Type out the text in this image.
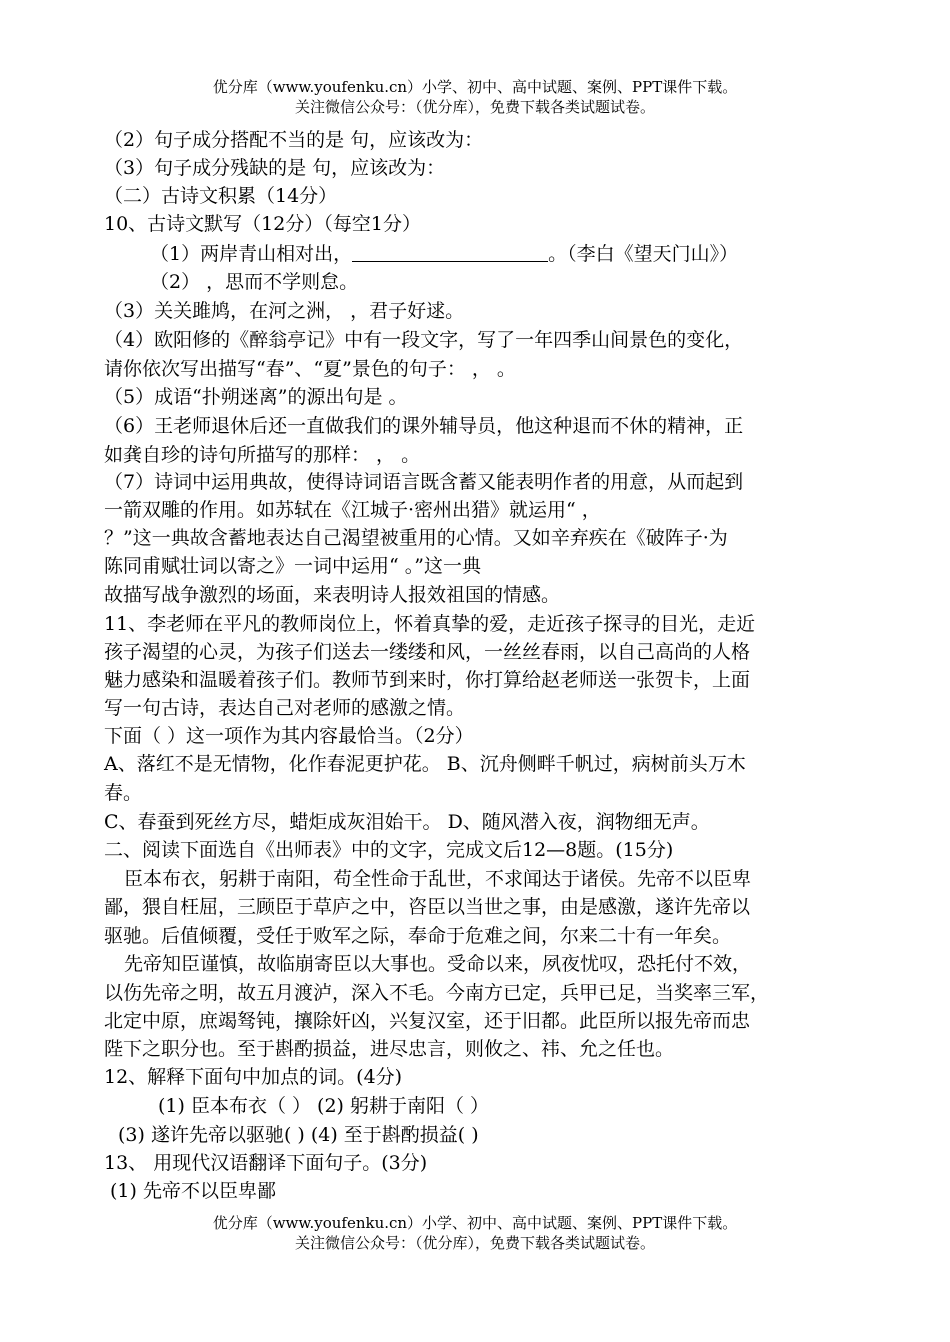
优分库（www.youfenku.cn）小学、初中、高中试题、案例、PPT课件下载。
关注微信公众号：（优分库），免费下载各类试题试卷。
（2）句子成分搭配不当的是 句，应该改为：
（3）句子成分残缺的是 句，应该改为：
（二）古诗文积累（14分）
10、古诗文默写（12分）（每空1分）
（1）两岸青山相对出，	。（李白《望天门山》）
（2） ，思而不学则怠。
（3）关关雎鸠，在河之洲， ，君子好逑。
（4）欧阳修的《醉翁亭记》中有一段文字，写了一年四季山间景色的变化，
请你依次写出描写“春”、“夏”景色的句子： ， 。
（5）成语“扑朔迷离”的源出句是 。
（6）王老师退休后还一直做我们的课外辅导员，他这种退而不休的精神，正
如龚自珍的诗句所描写的那样： ， 。
（7）诗词中运用典故，使得诗词语言既含蓄又能表明作者的用意，从而起到
一箭双雕的作用。如苏轼在《江城子·密州出猎》就运用“ ，
？”这一典故含蓄地表达自己渴望被重用的心情。又如辛弃疾在《破阵子·为
陈同甫赋壮词以寄之》一词中运用“ 。”这一典
故描写战争激烈的场面，来表明诗人报效祖国的情感。
11、李老师在平凡的教师岗位上，怀着真挚的爱，走近孩子探寻的目光，走近
孩子渴望的心灵，为孩子们送去一缕缕和风，一丝丝春雨，以自己高尚的人格
魅力感染和温暖着孩子们。教师节到来时，你打算给赵老师送一张贺卡，上面
写一句古诗，表达自己对老师的感激之情。
下面（ ）这一项作为其内容最恰当。（2分）
A、落红不是无情物，化作春泥更护花。 B、沉舟侧畔千帆过，病树前头万木
春。
C、春蚕到死丝方尽，蜡炬成灰泪始干。 D、随风潜入夜，润物细无声。
二、阅读下面选自《出师表》中的文字，完成文后12—8题。(15分)
臣本布衣，躬耕于南阳，苟全性命于乱世，不求闻达于诸侯。先帝不以臣卑
鄙，猥自枉屈，三顾臣于草庐之中，咨臣以当世之事，由是感激，遂许先帝以
驱驰。后值倾覆，受任于败军之际，奉命于危难之间，尔来二十有一年矣。
先帝知臣谨慎，故临崩寄臣以大事也。受命以来，夙夜忧叹，恐托付不效，
以伤先帝之明，故五月渡泸，深入不毛。今南方已定，兵甲已足，当奖率三军，
北定中原，庶竭驽钝，攘除奸凶，兴复汉室，还于旧都。此臣所以报先帝而忠
陛下之职分也。至于斟酌损益，进尽忠言，则攸之、祎、允之任也。
12、解释下面句中加点的词。(4分)
(1) 臣本布衣（ ） (2) 躬耕于南阳（ ）
(3) 遂许先帝以驱驰( ) (4) 至于斟酌损益( )
13、 用现代汉语翻译下面句子。(3分)
(1) 先帝不以臣卑鄙
优分库（www.youfenku.cn）小学、初中、高中试题、案例、PPT课件下载。
关注微信公众号：（优分库），免费下载各类试题试卷。
